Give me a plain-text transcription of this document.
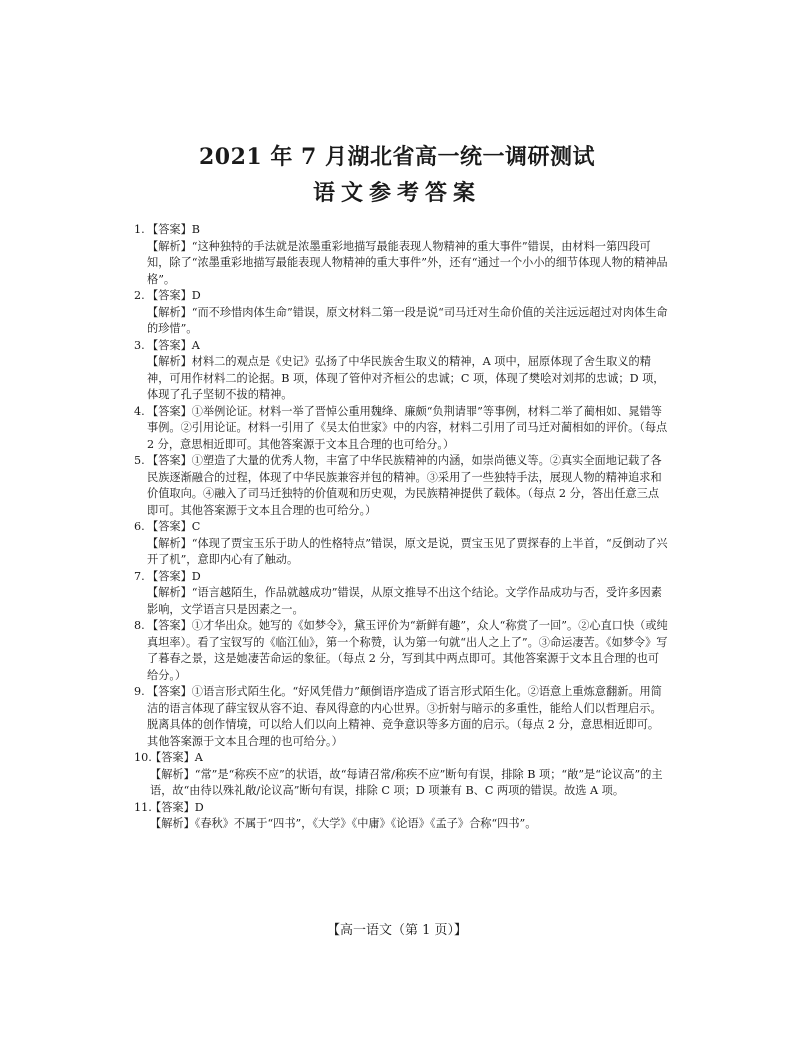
2021 年 7 月湖北省高一统一调研测试
语文参考答案
1. 【答案】B
【解析】“这种独特的手法就是浓墨重彩地描写最能表现人物精神的重大事件”错误，由材料一第四段可知，除了“浓墨重彩地描写最能表现人物精神的重大事件”外，还有“通过一个小小的细节体现人物的精神品格”。
2. 【答案】D
【解析】“而不珍惜肉体生命”错误，原文材料二第一段是说“司马迁对生命价值的关注远远超过对肉体生命的珍惜”。
3. 【答案】A
【解析】材料二的观点是《史记》弘扬了中华民族舍生取义的精神，A 项中，屈原体现了舍生取义的精神，可用作材料二的论据。B 项，体现了管仲对齐桓公的忠诚；C 项，体现了樊哙对刘邦的忠诚；D 项，体现了孔子坚韧不拔的精神。
4. 【答案】①举例论证。材料一举了晋悼公重用魏绛、廉颇“负荆请罪”等事例，材料二举了蔺相如、晁错等事例。②引用论证。材料一引用了《吴太伯世家》中的内容，材料二引用了司马迁对蔺相如的评价。（每点 2 分，意思相近即可。其他答案源于文本且合理的也可给分。）
5. 【答案】①塑造了大量的优秀人物，丰富了中华民族精神的内涵，如崇尚德义等。②真实全面地记载了各民族逐渐融合的过程，体现了中华民族兼容并包的精神。③采用了一些独特手法，展现人物的精神追求和价值取向。④融入了司马迁独特的价值观和历史观，为民族精神提供了载体。（每点 2 分，答出任意三点即可。其他答案源于文本且合理的也可给分。）
6. 【答案】C
【解析】“体现了贾宝玉乐于助人的性格特点”错误，原文是说，贾宝玉见了贾探春的上半首，“反倒动了兴开了机”，意即内心有了触动。
7. 【答案】D
【解析】“语言越陌生，作品就越成功”错误，从原文推导不出这个结论。文学作品成功与否，受许多因素影响，文学语言只是因素之一。
8. 【答案】①才华出众。她写的《如梦令》，黛玉评价为“新鲜有趣”，众人“称赏了一回”。②心直口快（或纯真坦率）。看了宝钗写的《临江仙》，第一个称赞，认为第一句就“出人之上了”。③命运凄苦。《如梦令》写了暮春之景，这是她凄苦命运的象征。（每点 2 分，写到其中两点即可。其他答案源于文本且合理的也可给分。）
9. 【答案】①语言形式陌生化。“好风凭借力”颠倒语序造成了语言形式陌生化。②语意上重炼意翻新。用简洁的语言体现了薛宝钗从容不迫、春风得意的内心世界。③折射与暗示的多重性，能给人们以哲理启示。脱离具体的创作情境，可以给人们以向上精神、竞争意识等多方面的启示。（每点 2 分，意思相近即可。其他答案源于文本且合理的也可给分。）
10.
【答案】A
【解析】“常”是“称疾不应”的状语，故“每请召常/称疾不应”断句有误，排除 B 项；“敞”是“论议高”的主语，故“由待以殊礼敞/论议高”断句有误，排除 C 项；D 项兼有 B、C 两项的错误。故选 A 项。
11.
【答案】D
【解析】《春秋》不属于“四书”，《大学》《中庸》《论语》《孟子》合称“四书”。
【高一语文（第 1 页）】
